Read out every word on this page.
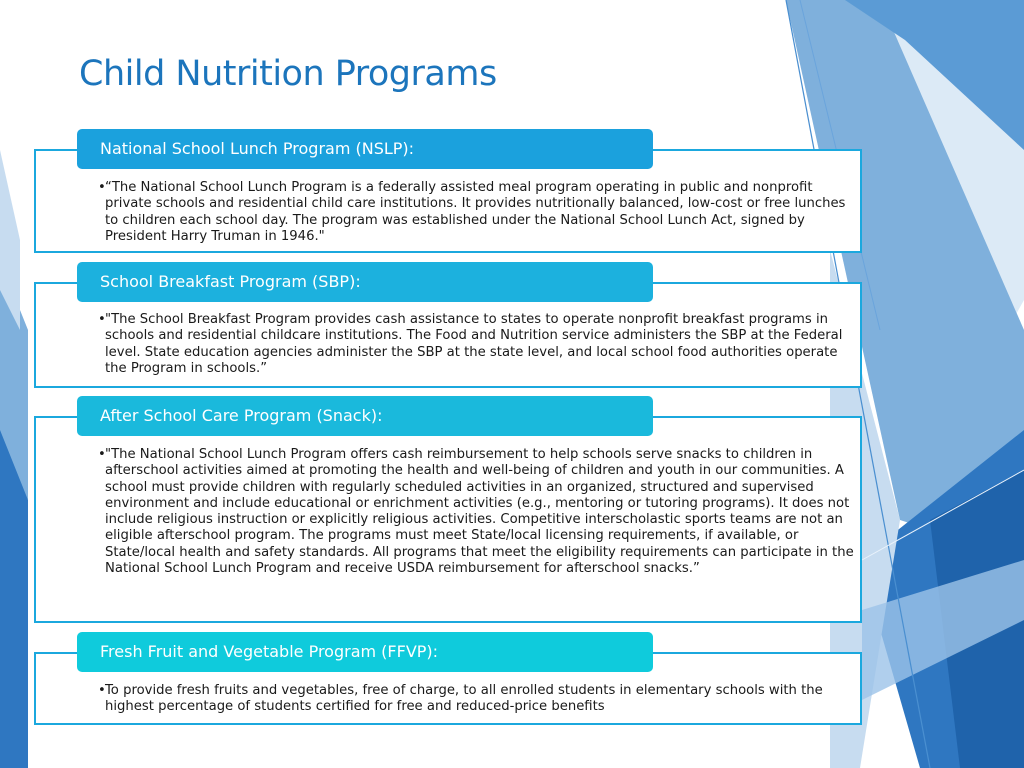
Child Nutrition Programs
National School Lunch Program (NSLP):
•“The National School Lunch Program is a federally assisted meal program operating in public and nonprofit private schools and residential child care institutions. It provides nutritionally balanced, low-cost or free lunches to children each school day. The program was established under the National School Lunch Act, signed by President Harry Truman in 1946."
School Breakfast Program (SBP):
•"The School Breakfast Program provides cash assistance to states to operate nonprofit breakfast programs in schools and residential childcare institutions. The Food and Nutrition service administers the SBP at the Federal level. State education agencies administer the SBP at the state level, and local school food authorities operate the Program in schools.”
After School Care Program (Snack):
•"The National School Lunch Program offers cash reimbursement to help schools serve snacks to children in afterschool activities aimed at promoting the health and well-being of children and youth in our communities. A school must provide children with regularly scheduled activities in an organized, structured and supervised environment and include educational or enrichment activities (e.g., mentoring or tutoring programs). It does not include religious instruction or explicitly religious activities. Competitive interscholastic sports teams are not an eligible afterschool program. The programs must meet State/local licensing requirements, if available, or State/local health and safety standards. All programs that meet the eligibility requirements can participate in the National School Lunch Program and receive USDA reimbursement for afterschool snacks.”
Fresh Fruit and Vegetable Program (FFVP):
•To provide fresh fruits and vegetables, free of charge, to all enrolled students in elementary schools with the highest percentage of students certified for free and reduced-price benefits
